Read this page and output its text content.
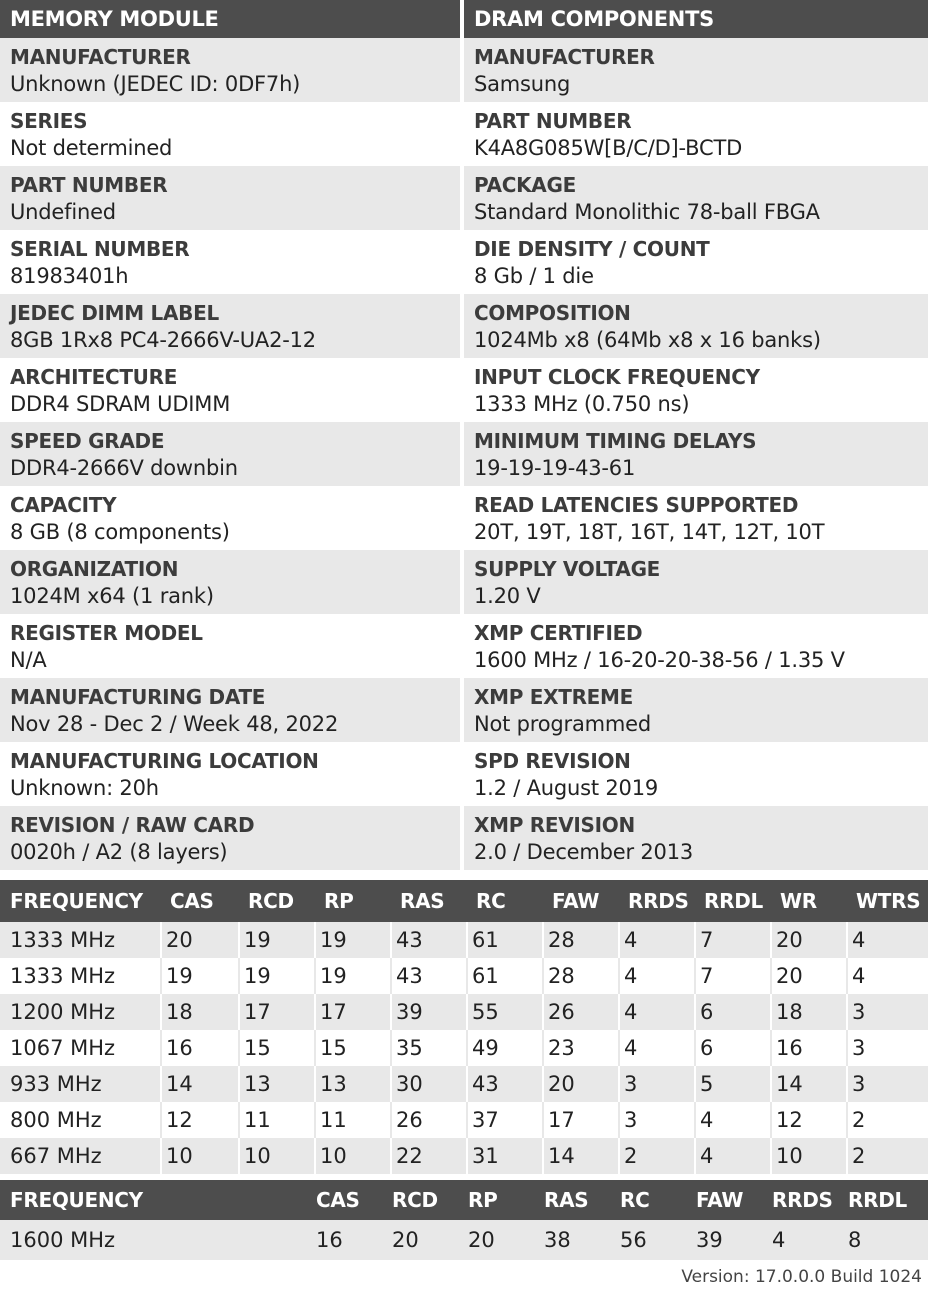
MEMORY MODULE
MANUFACTURER
Unknown (JEDEC ID: 0DF7h)
SERIES
Not determined
PART NUMBER
Undefined
SERIAL NUMBER
81983401h
JEDEC DIMM LABEL
8GB 1Rx8 PC4-2666V-UA2-12
ARCHITECTURE
DDR4 SDRAM UDIMM
SPEED GRADE
DDR4-2666V downbin
CAPACITY
8 GB (8 components)
ORGANIZATION
1024M x64 (1 rank)
REGISTER MODEL
N/A
MANUFACTURING DATE
Nov 28 - Dec 2 / Week 48, 2022
MANUFACTURING LOCATION
Unknown: 20h
REVISION / RAW CARD
0020h / A2 (8 layers)
DRAM COMPONENTS
MANUFACTURER
Samsung
PART NUMBER
K4A8G085W[B/C/D]-BCTD
PACKAGE
Standard Monolithic 78-ball FBGA
DIE DENSITY / COUNT
8 Gb / 1 die
COMPOSITION
1024Mb x8 (64Mb x8 x 16 banks)
INPUT CLOCK FREQUENCY
1333 MHz (0.750 ns)
MINIMUM TIMING DELAYS
19-19-19-43-61
READ LATENCIES SUPPORTED
20T, 19T, 18T, 16T, 14T, 12T, 10T
SUPPLY VOLTAGE
1.20 V
XMP CERTIFIED
1600 MHz / 16-20-20-38-56 / 1.35 V
XMP EXTREME
Not programmed
SPD REVISION
1.2 / August 2019
XMP REVISION
2.0 / December 2013
FREQUENCY CAS RCD RP RAS RC FAW RRDS RRDL WR WTRS
1333 MHz	20	19	19	43	61	28	4	7	20	4
1333 MHz	19	19	19	43	61	28	4	7	20	4
1200 MHz	18	17	17	39	55	26	4	6	18	3
1067 MHz	16	15	15	35	49	23	4	6	16	3
933 MHz	14	13	13	30	43	20	3	5	14	3
800 MHz	12	11	11	26	37	17	3	4	12	2
667 MHz	10	10	10	22	31	14	2	4	10	2
FREQUENCY	CAS RCD RP RAS RC FAW RRDS RRDL
1600 MHz	16 20 20 38 56 39 4	8
Version: 17.0.0.0 Build 1024
